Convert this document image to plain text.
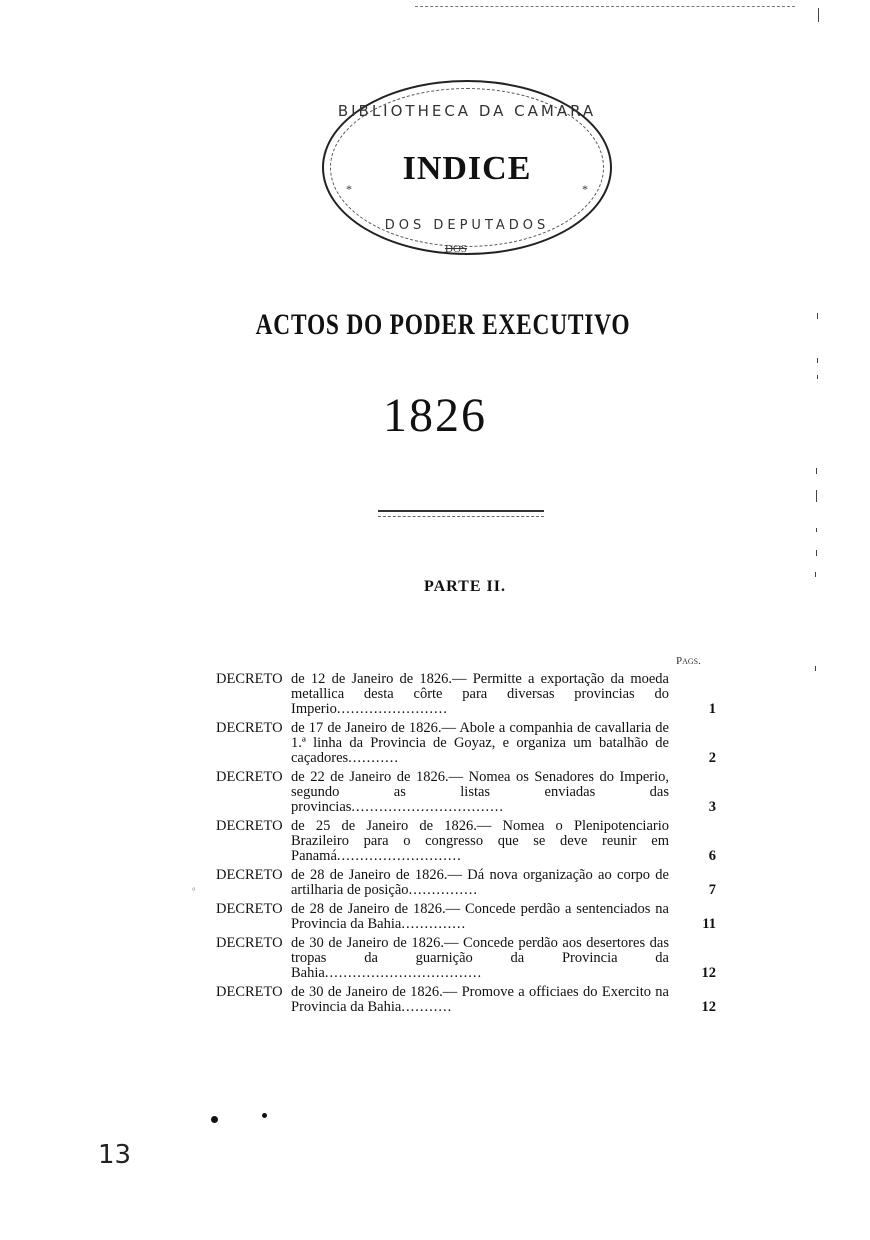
BIBLIOTHECA DA CAMARA
*	*
INDICE
DOS DEPUTADOS
DOS
ACTOS DO PODER EXECUTIVO
1826
PARTE II.
Pags.
DECRETO de 12 de Janeiro de 1826.— Permitte a exportação da moeda metallica desta côrte para diversas provincias do Imperio........................	1
DECRETO de 17 de Janeiro de 1826.— Abole a companhia de cavallaria de 1.ª linha da Provincia de Goyaz, e organiza um batalhão de caçadores...........	2
DECRETO de 22 de Janeiro de 1826.— Nomea os Senadores do Imperio, segundo as listas enviadas das provincias.................................	3
DECRETO de 25 de Janeiro de 1826.— Nomea o Plenipotenciario Brazileiro para o congresso que se deve reunir em Panamá...........................	6
DECRETO de 28 de Janeiro de 1826.— Dá nova organização ao corpo de artilharia de posição...............	7
DECRETO de 28 de Janeiro de 1826.— Concede perdão a sentenciados na Provincia da Bahia..............	11
DECRETO de 30 de Janeiro de 1826.— Concede perdão aos desertores das tropas da guarnição da Provincia da Bahia..................................	12
DECRETO de 30 de Janeiro de 1826.— Promove a officiaes do Exercito na Provincia da Bahia...........	12
°
13
